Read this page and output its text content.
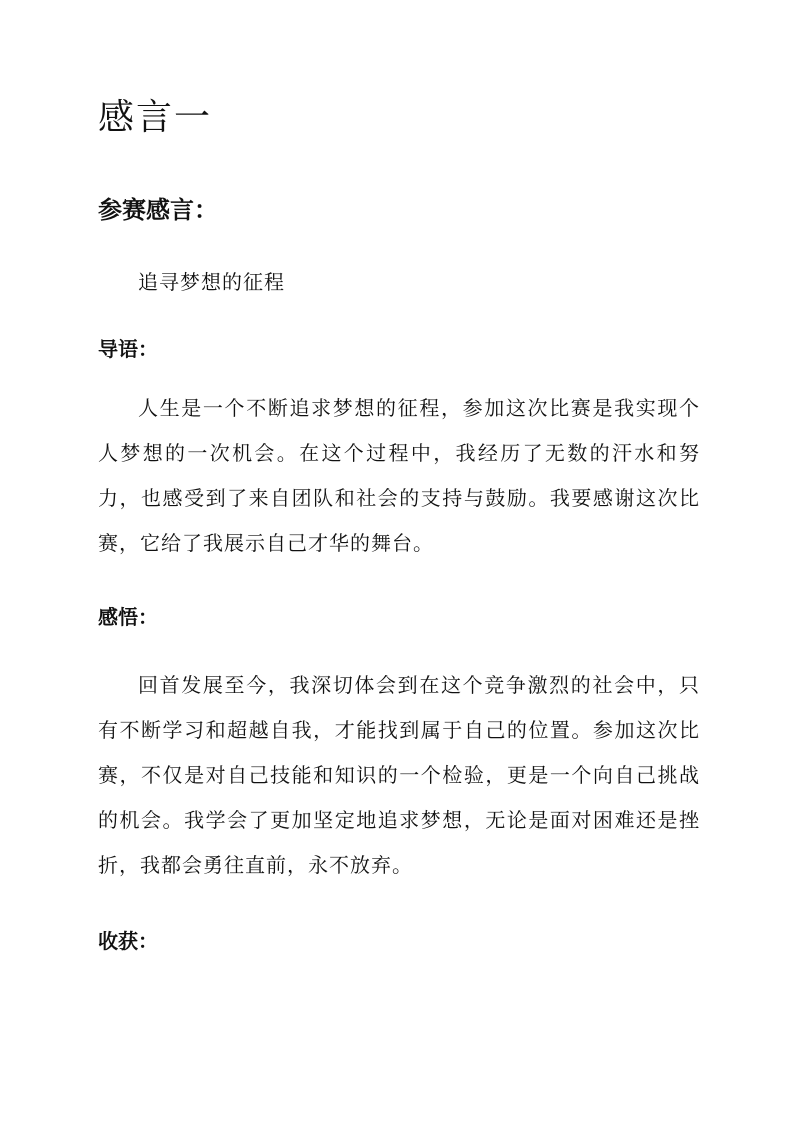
感言一
参赛感言：

追寻梦想的征程

导语：

人生是一个不断追求梦想的征程，参加这次比赛是我实现个人梦想的一次机会。在这个过程中，我经历了无数的汗水和努力，也感受到了来自团队和社会的支持与鼓励。我要感谢这次比赛，它给了我展示自己才华的舞台。

感悟：

回首发展至今，我深切体会到在这个竞争激烈的社会中，只有不断学习和超越自我，才能找到属于自己的位置。参加这次比赛，不仅是对自己技能和知识的一个检验，更是一个向自己挑战的机会。我学会了更加坚定地追求梦想，无论是面对困难还是挫折，我都会勇往直前，永不放弃。

收获：
